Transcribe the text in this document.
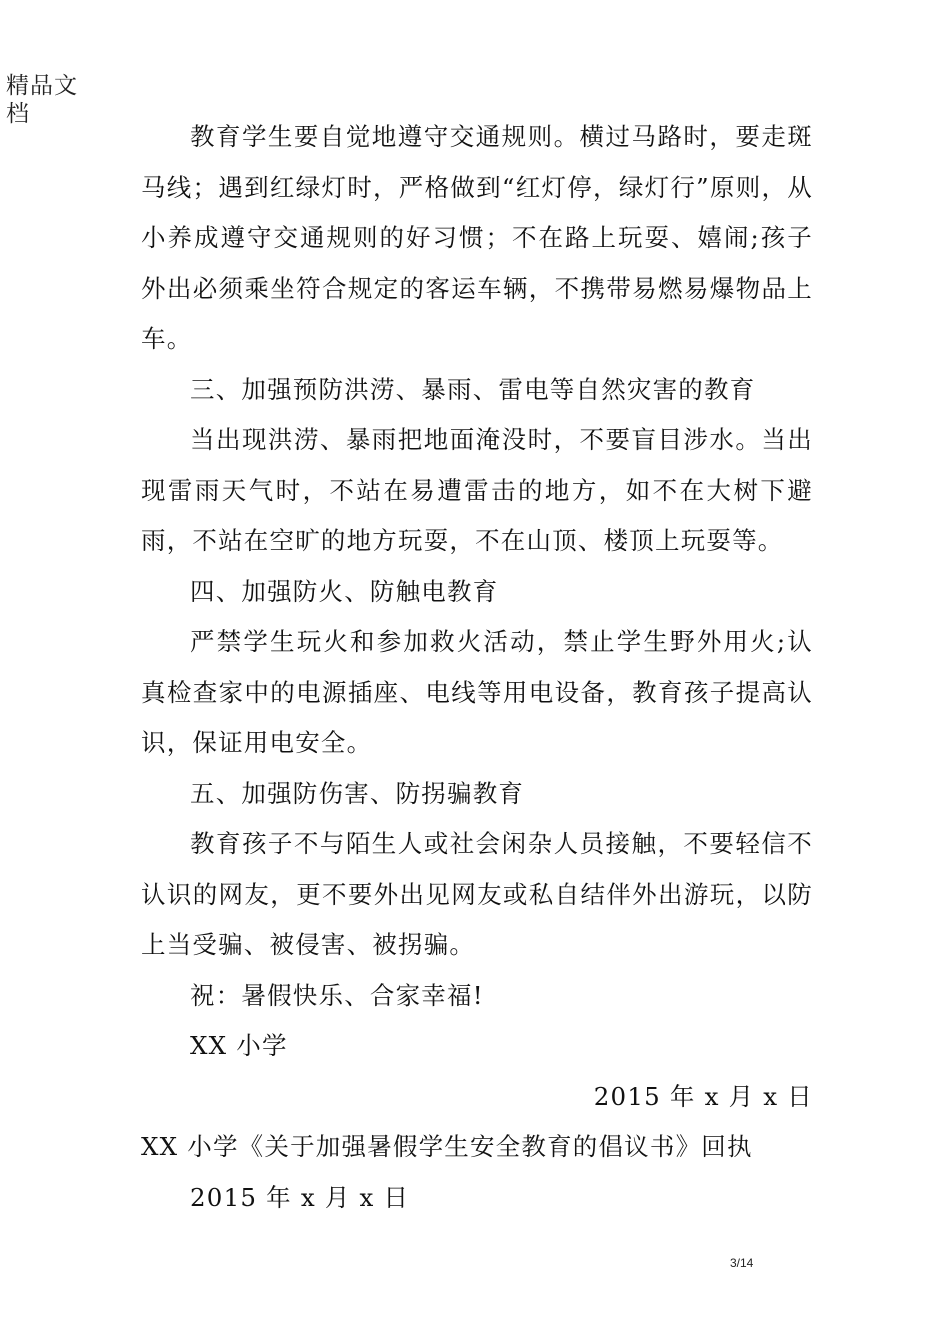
精品文档

教育学生要自觉地遵守交通规则。横过马路时，要走斑马线；遇到红绿灯时，严格做到“红灯停，绿灯行”原则，从小养成遵守交通规则的好习惯；不在路上玩耍、嬉闹;孩子外出必须乘坐符合规定的客运车辆，不携带易燃易爆物品上车。

三、加强预防洪涝、暴雨、雷电等自然灾害的教育

当出现洪涝、暴雨把地面淹没时，不要盲目涉水。当出现雷雨天气时，不站在易遭雷击的地方，如不在大树下避雨，不站在空旷的地方玩耍，不在山顶、楼顶上玩耍等。

四、加强防火、防触电教育

严禁学生玩火和参加救火活动，禁止学生野外用火;认真检查家中的电源插座、电线等用电设备，教育孩子提高认识，保证用电安全。

五、加强防伤害、防拐骗教育

教育孩子不与陌生人或社会闲杂人员接触，不要轻信不认识的网友，更不要外出见网友或私自结伴外出游玩，以防上当受骗、被侵害、被拐骗。

祝：暑假快乐、合家幸福!

XX 小学

2015 年 x 月 x 日

XX 小学《关于加强暑假学生安全教育的倡议书》回执

2015 年 x 月 x 日

3/14
